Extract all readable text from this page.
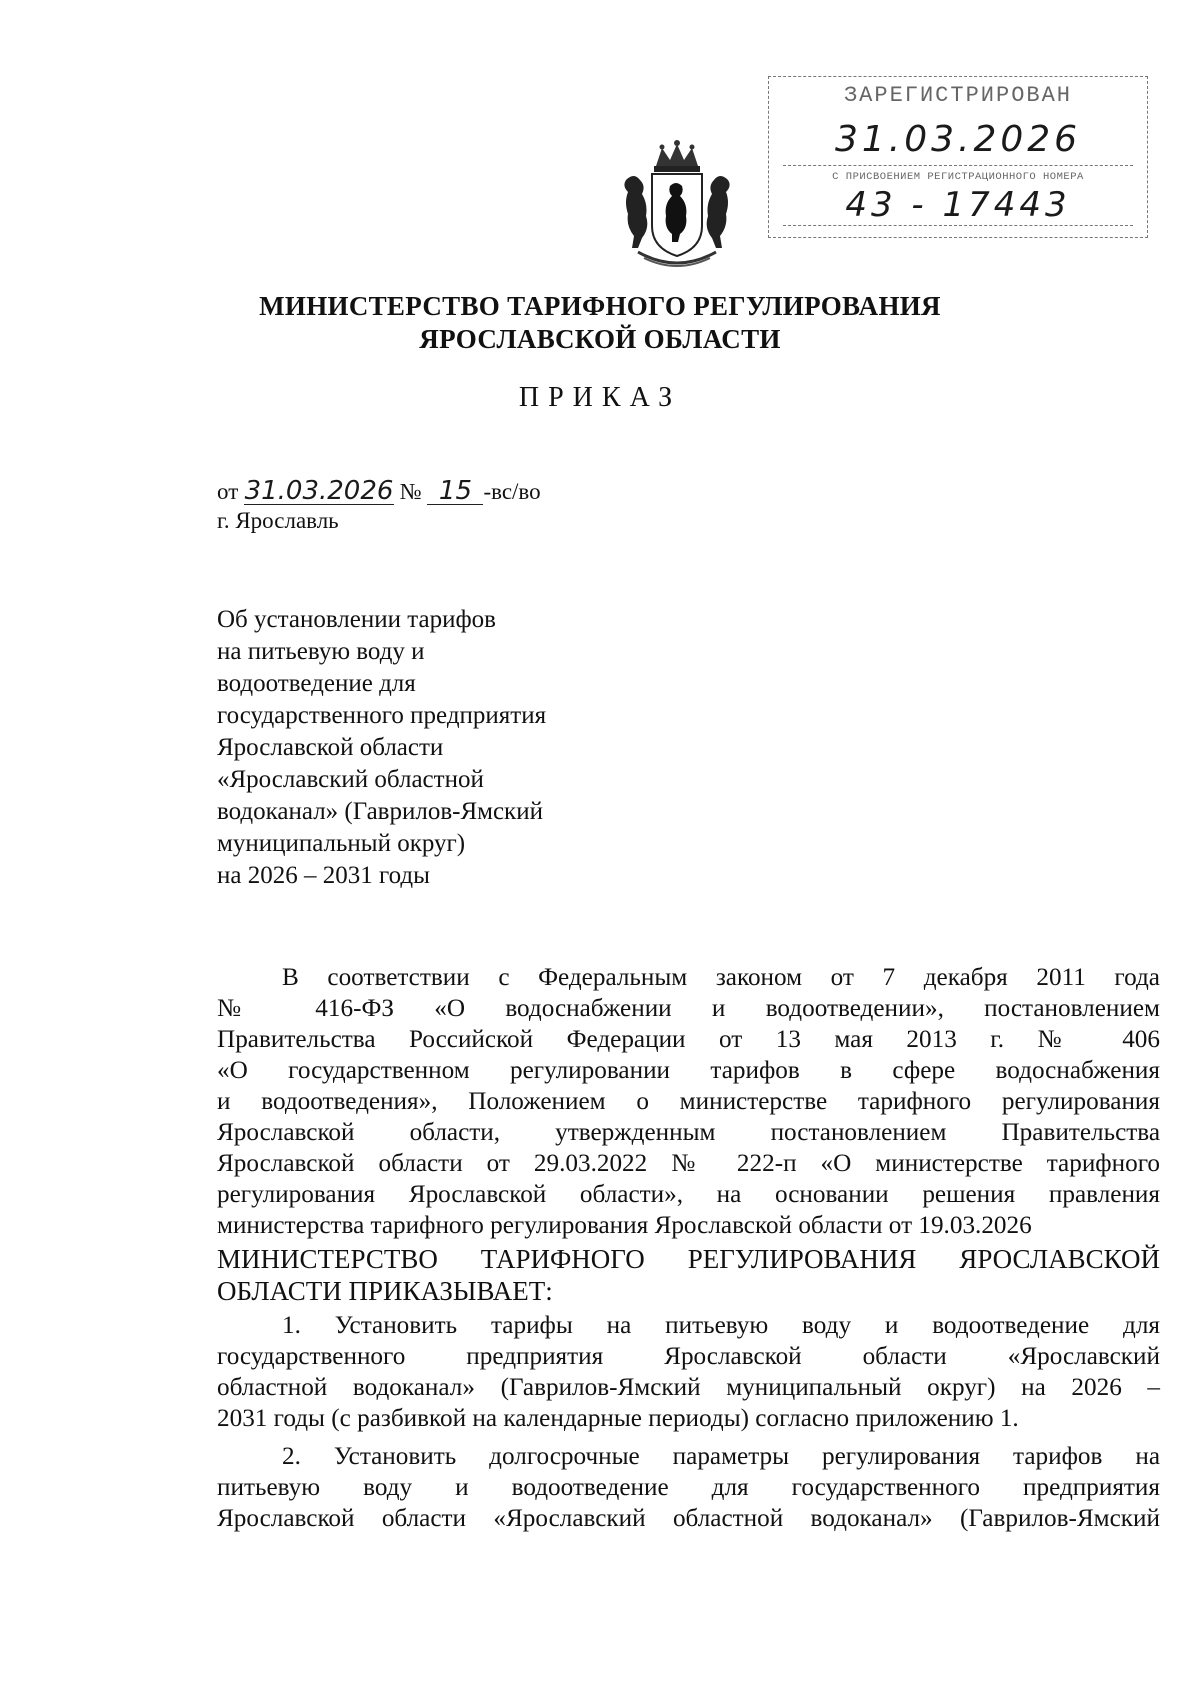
ЗАРЕГИСТРИРОВАН
31.03.2026
С ПРИСВОЕНИЕМ РЕГИСТРАЦИОННОГО НОМЕРА
43 - 17443
МИНИСТЕРСТВО ТАРИФНОГО РЕГУЛИРОВАНИЯ
ЯРОСЛАВСКОЙ ОБЛАСТИ
ПРИКАЗ
от 31.03.2026 № 15 -вс/во
г. Ярославль
Об установлении тарифов
на питьевую воду и
водоотведение для
государственного предприятия
Ярославской области
«Ярославский областной
водоканал» (Гаврилов-Ямский
муниципальный округ)
на 2026 – 2031 годы
В соответствии с Федеральным законом от 7 декабря 2011 года
№ 416-ФЗ «О водоснабжении и водоотведении», постановлением
Правительства Российской Федерации от 13 мая 2013 г. № 406
«О государственном регулировании тарифов в сфере водоснабжения
и водоотведения», Положением о министерстве тарифного регулирования
Ярославской области, утвержденным постановлением Правительства
Ярославской области от 29.03.2022 № 222-п «О министерстве тарифного
регулирования Ярославской области», на основании решения правления
министерства тарифного регулирования Ярославской области от 19.03.2026
МИНИСТЕРСТВО ТАРИФНОГО РЕГУЛИРОВАНИЯ ЯРОСЛАВСКОЙ
ОБЛАСТИ ПРИКАЗЫВАЕТ:
1. Установить тарифы на питьевую воду и водоотведение для
государственного предприятия Ярославской области «Ярославский
областной водоканал» (Гаврилов-Ямский муниципальный округ) на 2026 –
2031 годы (с разбивкой на календарные периоды) согласно приложению 1.
2. Установить долгосрочные параметры регулирования тарифов на
питьевую воду и водоотведение для государственного предприятия
Ярославской области «Ярославский областной водоканал» (Гаврилов-Ямский
